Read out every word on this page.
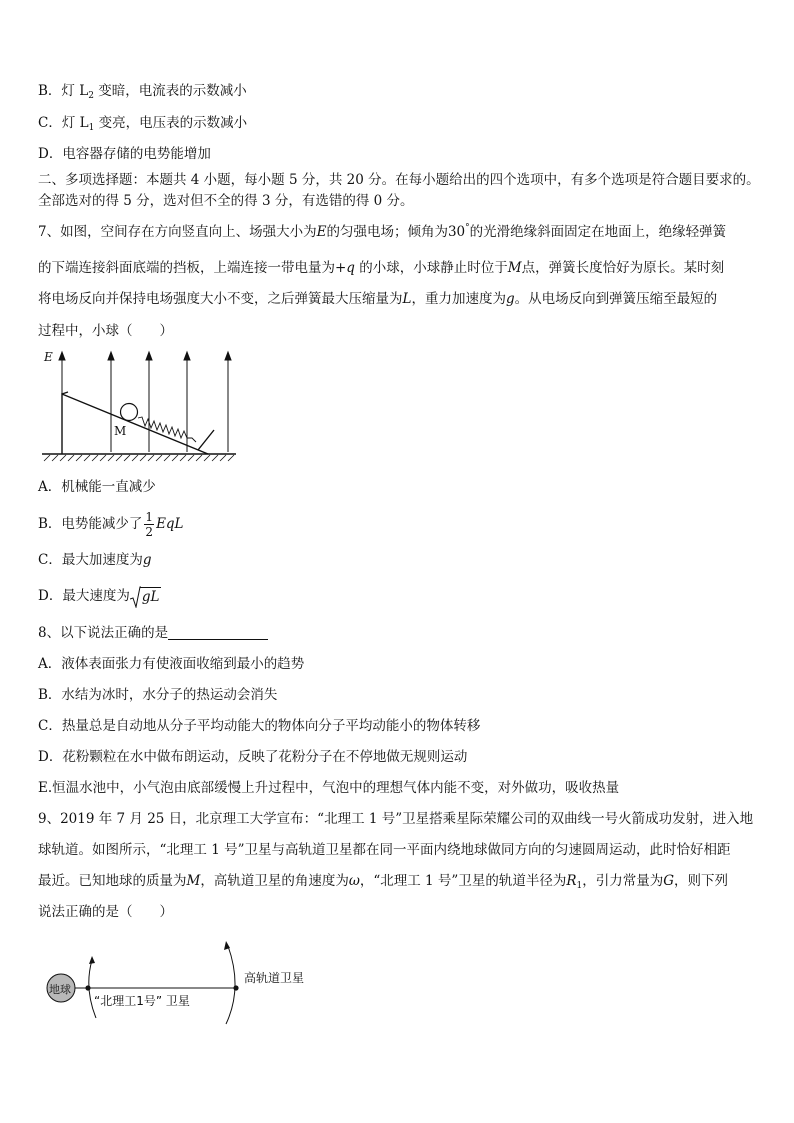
B．灯 $L_2$ 变暗，电流表的示数减小
C．灯 $L_1$ 变亮，电压表的示数减小
D．电容器存储的电势能增加
二、多项选择题：本题共 4 小题，每小题 5 分，共 20 分。在每小题给出的四个选项中，有多个选项是符合题目要求的。
全部选对的得 5 分，选对但不全的得 3 分，有选错的得 0 分。
7、如图，空间存在方向竖直向上、场强大小为E的匀强电场；倾角为30°的光滑绝缘斜面固定在地面上，绝缘轻弹簧
的下端连接斜面底端的挡板，上端连接一带电量为+q 的小球，小球静止时位于M点，弹簧长度恰好为原长。某时刻
将电场反向并保持电场强度大小不变，之后弹簧最大压缩量为L，重力加速度为g。从电场反向到弹簧压缩至最短的
过程中，小球（　　）
E
M
A．机械能一直减少
B．电势能减少了 $\frac{1}{2}$ EqL
C．最大加速度为g
D．最大速度为 gL
8、以下说法正确的是
A．液体表面张力有使液面收缩到最小的趋势
B．水结为冰时，水分子的热运动会消失
C．热量总是自动地从分子平均动能大的物体向分子平均动能小的物体转移
D．花粉颗粒在水中做布朗运动，反映了花粉分子在不停地做无规则运动
E.恒温水池中，小气泡由底部缓慢上升过程中，气泡中的理想气体内能不变，对外做功，吸收热量
9、2019 年 7 月 25 日，北京理工大学宣布：“北理工 1 号”卫星搭乘星际荣耀公司的双曲线一号火箭成功发射，进入地
球轨道。如图所示，“北理工 1 号”卫星与高轨道卫星都在同一平面内绕地球做同方向的匀速圆周运动，此时恰好相距
最近。已知地球的质量为M，高轨道卫星的角速度为ω，“北理工 1 号”卫星的轨道半径为$R_1$，引力常量为G，则下列
说法正确的是（　　）
地球
高轨道卫星
“北理工1号” 卫星
